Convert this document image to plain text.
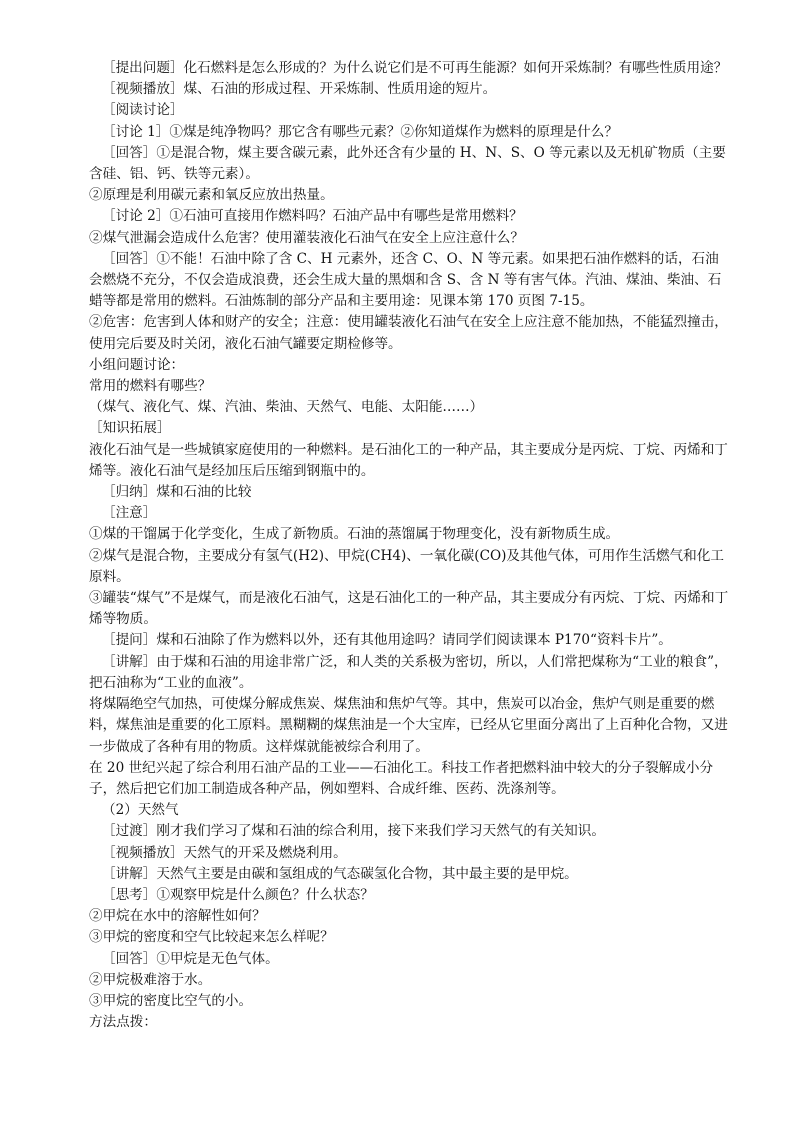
［提出问题］化石燃料是怎么形成的？为什么说它们是不可再生能源？如何开采炼制？有哪些性质用途？

［视频播放］煤、石油的形成过程、开采炼制、性质用途的短片。

［阅读讨论］

［讨论 1］①煤是纯净物吗？那它含有哪些元素？②你知道煤作为燃料的原理是什么？

［回答］①是混合物，煤主要含碳元素，此外还含有少量的 H、N、S、O 等元素以及无机矿物质（主要含硅、铝、钙、铁等元素）。

②原理是利用碳元素和氧反应放出热量。

［讨论 2］①石油可直接用作燃料吗？石油产品中有哪些是常用燃料？

②煤气泄漏会造成什么危害？使用灌装液化石油气在安全上应注意什么？

［回答］①不能！石油中除了含 C、H 元素外，还含 C、O、N 等元素。如果把石油作燃料的话，石油会燃烧不充分，不仅会造成浪费，还会生成大量的黑烟和含 S、含 N 等有害气体。汽油、煤油、柴油、石蜡等都是常用的燃料。石油炼制的部分产品和主要用途：见课本第 170 页图 7-15。

②危害：危害到人体和财产的安全；注意：使用罐装液化石油气在安全上应注意不能加热，不能猛烈撞击，使用完后要及时关闭，液化石油气罐要定期检修等。

小组问题讨论：

常用的燃料有哪些？

（煤气、液化气、煤、汽油、柴油、天然气、电能、太阳能……）

［知识拓展］

液化石油气是一些城镇家庭使用的一种燃料。是石油化工的一种产品，其主要成分是丙烷、丁烷、丙烯和丁烯等。液化石油气是经加压后压缩到钢瓶中的。

［归纳］煤和石油的比较

［注意］

①煤的干馏属于化学变化，生成了新物质。石油的蒸馏属于物理变化，没有新物质生成。

②煤气是混合物，主要成分有氢气(H2)、甲烷(CH4)、一氧化碳(CO)及其他气体，可用作生活燃气和化工原料。

③罐装“煤气”不是煤气，而是液化石油气，这是石油化工的一种产品，其主要成分有丙烷、丁烷、丙烯和丁烯等物质。

［提问］煤和石油除了作为燃料以外，还有其他用途吗？请同学们阅读课本 P170“资料卡片”。

［讲解］由于煤和石油的用途非常广泛，和人类的关系极为密切，所以，人们常把煤称为“工业的粮食”，把石油称为“工业的血液”。

将煤隔绝空气加热，可使煤分解成焦炭、煤焦油和焦炉气等。其中，焦炭可以冶金，焦炉气则是重要的燃料，煤焦油是重要的化工原料。黑糊糊的煤焦油是一个大宝库，已经从它里面分离出了上百种化合物，又进一步做成了各种有用的物质。这样煤就能被综合利用了。

在 20 世纪兴起了综合利用石油产品的工业——石油化工。科技工作者把燃料油中较大的分子裂解成小分子，然后把它们加工制造成各种产品，例如塑料、合成纤维、医药、洗涤剂等。

（2）天然气

［过渡］刚才我们学习了煤和石油的综合利用，接下来我们学习天然气的有关知识。

［视频播放］天然气的开采及燃烧利用。

［讲解］天然气主要是由碳和氢组成的气态碳氢化合物，其中最主要的是甲烷。

［思考］①观察甲烷是什么颜色？什么状态？

②甲烷在水中的溶解性如何？

③甲烷的密度和空气比较起来怎么样呢？

［回答］①甲烷是无色气体。

②甲烷极难溶于水。

③甲烷的密度比空气的小。

方法点拨：
